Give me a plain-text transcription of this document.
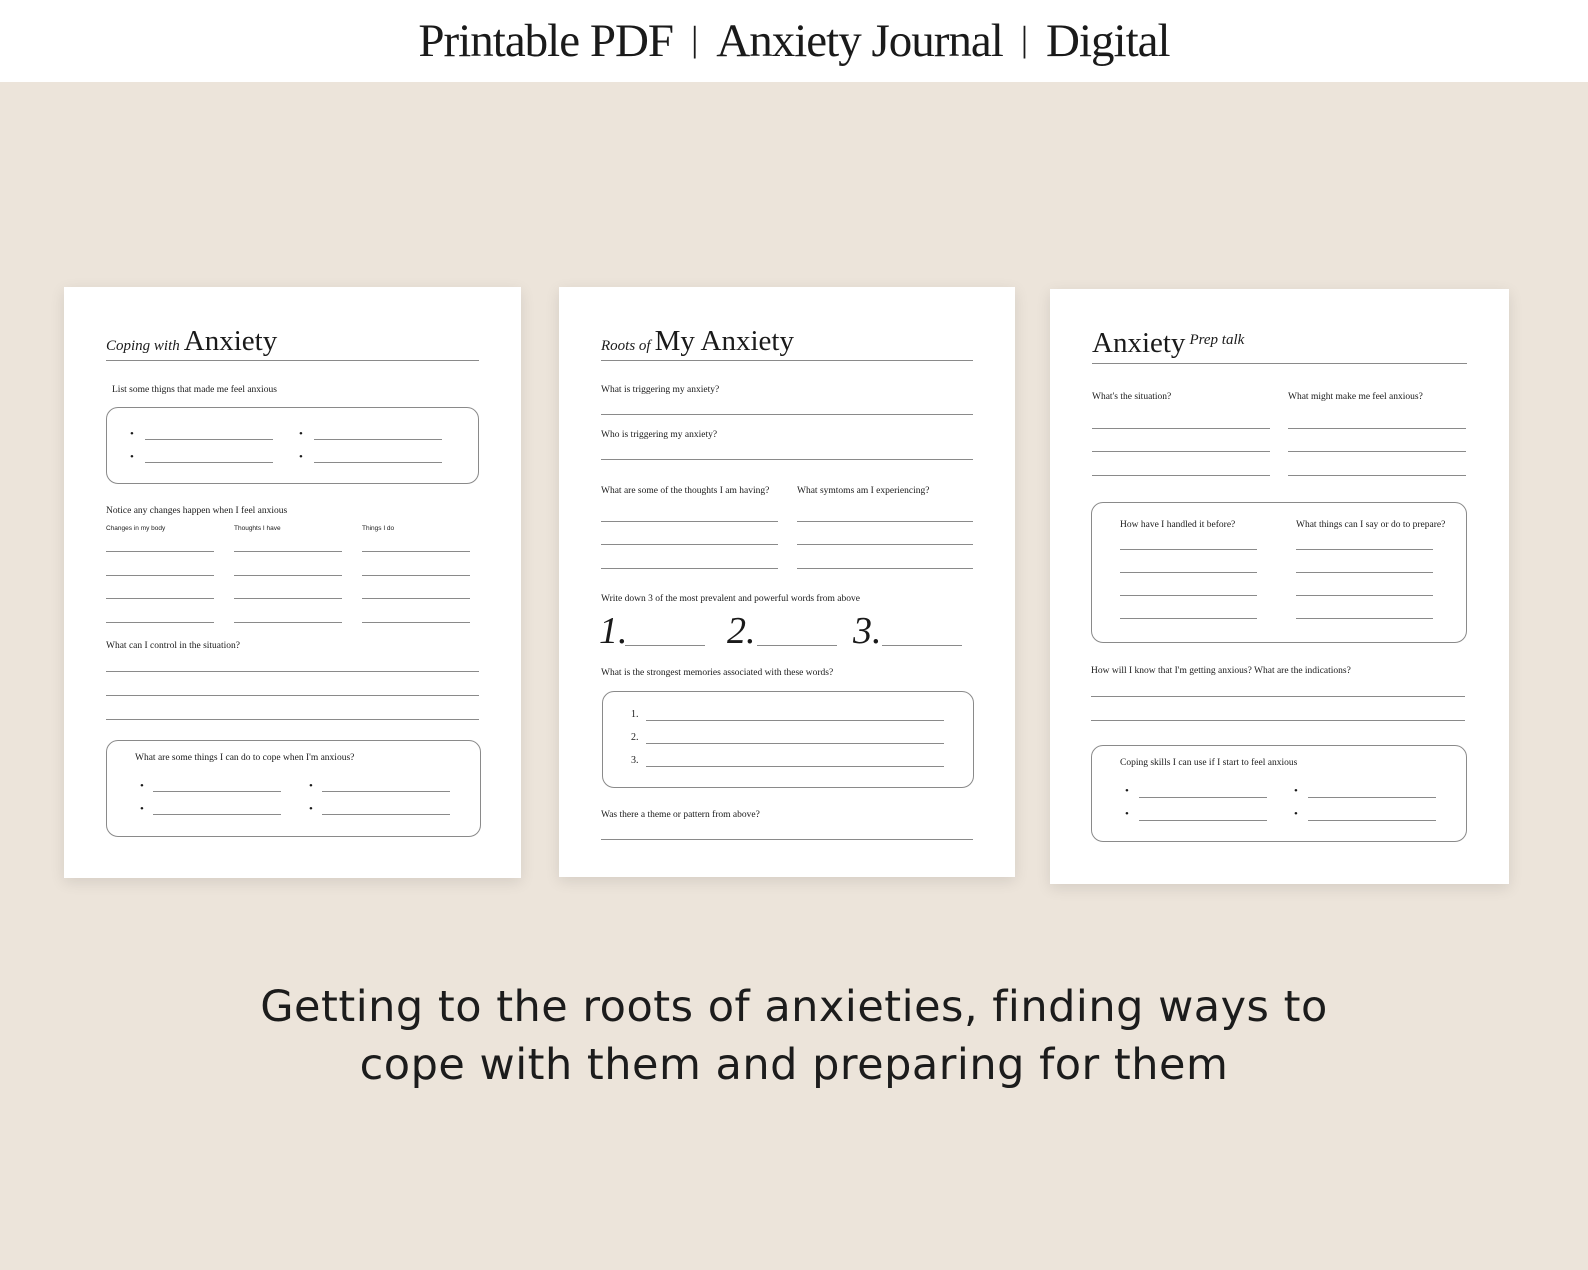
Printable PDF | Anxiety Journal | Digital
Coping with Anxiety
List some thigns that made me feel anxious
•	•
•	•
Notice any changes happen when I feel anxious
Changes in my body	Thoughts I have	Things I do
What can I control in the situation?
What are some things I can do to cope when I'm anxious?
•	•
•	•
Roots of My Anxiety
What is triggering my anxiety?
Who is triggering my anxiety?
What are some of the thoughts I am having?	What symtoms am I experiencing?
Write down 3 of the most prevalent and powerful words from above
1.	2.	3.
What is the strongest memories associated with these words?
1.
2.
3.
Was there a theme or pattern from above?
Anxiety Prep talk
What's the situation?	What might make me feel anxious?
How have I handled it before?	What things can I say or do to prepare?
How will I know that I'm getting anxious? What are the indications?
Coping skills I can use if I start to feel anxious
•	•
•	•
Getting to the roots of anxieties, finding ways to
cope with them and preparing for them
